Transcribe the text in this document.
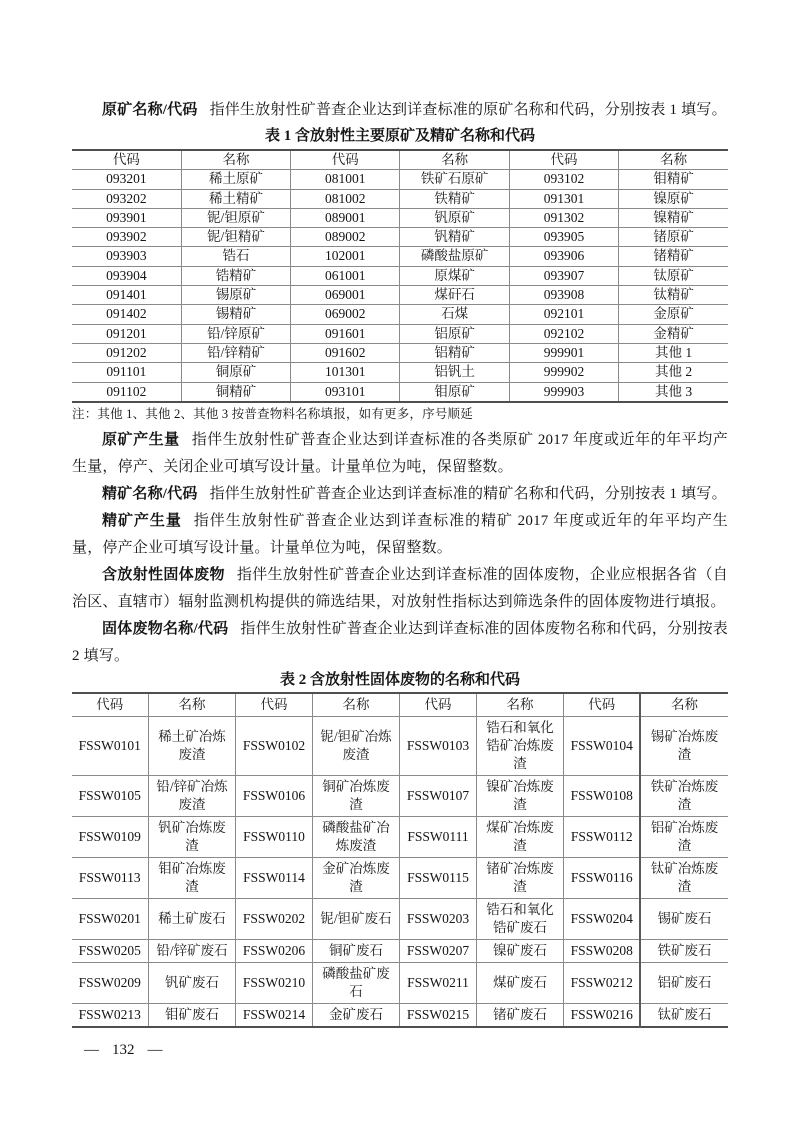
原矿名称/代码 指伴生放射性矿普查企业达到详查标准的原矿名称和代码，分别按表 1 填写。

表 1 含放射性主要原矿及精矿名称和代码

代码	名称	代码	名称	代码	名称
093201	稀土原矿	081001	铁矿石原矿	093102	钼精矿
093202	稀土精矿	081002	铁精矿	091301	镍原矿
093901	铌/钽原矿	089001	钒原矿	091302	镍精矿
093902	铌/钽精矿	089002	钒精矿	093905	锗原矿
093903	锆石	102001	磷酸盐原矿	093906	锗精矿
093904	锆精矿	061001	原煤矿	093907	钛原矿
091401	锡原矿	069001	煤矸石	093908	钛精矿
091402	锡精矿	069002	石煤	092101	金原矿
091201	铅/锌原矿	091601	铝原矿	092102	金精矿
091202	铅/锌精矿	091602	铝精矿	999901	其他 1
091101	铜原矿	101301	铝钒土	999902	其他 2
091102	铜精矿	093101	钼原矿	999903	其他 3

注：其他 1、其他 2、其他 3 按普查物料名称填报，如有更多，序号顺延

原矿产生量 指伴生放射性矿普查企业达到详查标准的各类原矿 2017 年度或近年的年平均产生量，停产、关闭企业可填写设计量。计量单位为吨，保留整数。

精矿名称/代码 指伴生放射性矿普查企业达到详查标准的精矿名称和代码，分别按表 1 填写。

精矿产生量 指伴生放射性矿普查企业达到详查标准的精矿 2017 年度或近年的年平均产生量，停产企业可填写设计量。计量单位为吨，保留整数。

含放射性固体废物 指伴生放射性矿普查企业达到详查标准的固体废物，企业应根据各省（自治区、直辖市）辐射监测机构提供的筛选结果，对放射性指标达到筛选条件的固体废物进行填报。

固体废物名称/代码 指伴生放射性矿普查企业达到详查标准的固体废物名称和代码，分别按表 2 填写。

表 2 含放射性固体废物的名称和代码

代码	名称	代码	名称	代码	名称	代码	名称
FSSW0101	稀土矿冶炼废渣	FSSW0102	铌/钽矿冶炼废渣	FSSW0103	锆石和氧化锆矿冶炼废渣	FSSW0104	锡矿冶炼废渣
FSSW0105	铅/锌矿冶炼废渣	FSSW0106	铜矿冶炼废渣	FSSW0107	镍矿冶炼废渣	FSSW0108	铁矿冶炼废渣
FSSW0109	钒矿冶炼废渣	FSSW0110	磷酸盐矿冶炼废渣	FSSW0111	煤矿冶炼废渣	FSSW0112	铝矿冶炼废渣
FSSW0113	钼矿冶炼废渣	FSSW0114	金矿冶炼废渣	FSSW0115	锗矿冶炼废渣	FSSW0116	钛矿冶炼废渣
FSSW0201	稀土矿废石	FSSW0202	铌/钽矿废石	FSSW0203	锆石和氧化锆矿废石	FSSW0204	锡矿废石
FSSW0205	铅/锌矿废石	FSSW0206	铜矿废石	FSSW0207	镍矿废石	FSSW0208	铁矿废石
FSSW0209	钒矿废石	FSSW0210	磷酸盐矿废石	FSSW0211	煤矿废石	FSSW0212	铝矿废石
FSSW0213	钼矿废石	FSSW0214	金矿废石	FSSW0215	锗矿废石	FSSW0216	钛矿废石
— 132 —
